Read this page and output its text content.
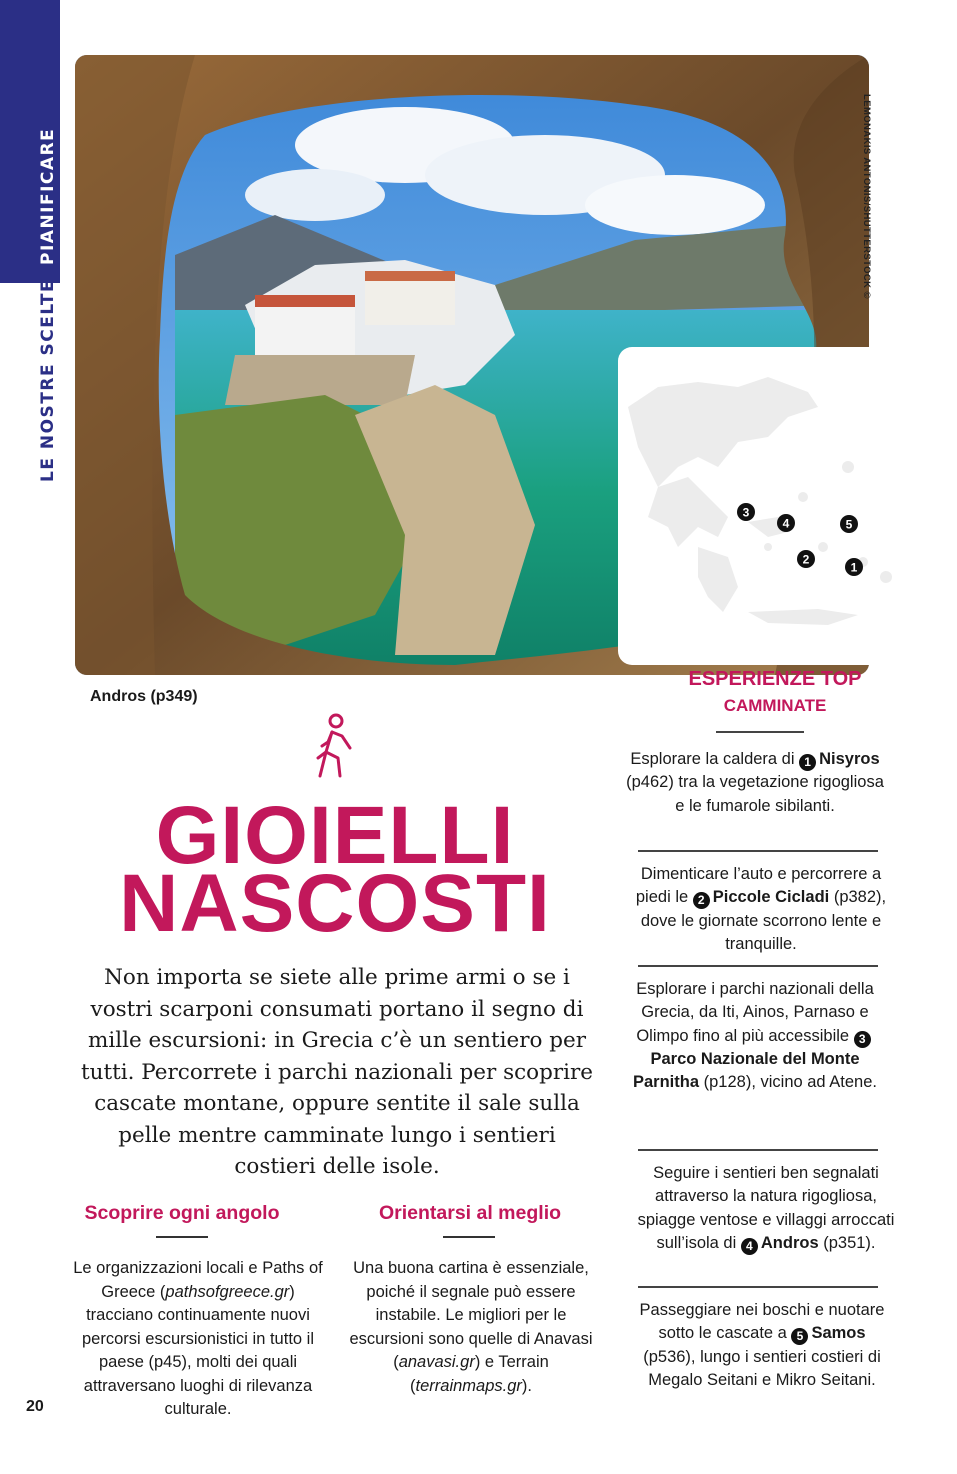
PIANIFICARE
LE NOSTRE SCELTE
LEMONAKIS ANTONIS/SHUTTERSTOCK ©
1
2
3
4	5
Andros (p349)
GIOIELLI
NASCOSTI
Non importa se siete alle prime armi o se i vostri scarponi consumati portano il segno di mille escursioni: in Grecia c’è un sentiero per tutti. Percorrete i parchi nazionali per scoprire cascate montane, oppure sentite il sale sulla pelle mentre camminate lungo i sentieri costieri delle isole.
Scoprire ogni angolo
Le organizzazioni locali e Paths of Greece (pathsofgreece.gr) tracciano continuamente nuovi percorsi escursionistici in tutto il paese (p45), molti dei quali attraversano luoghi di rilevanza culturale.
Orientarsi al meglio
Una buona cartina è essenziale, poiché il segnale può essere instabile. Le migliori per le escursioni sono quelle di Anavasi (anavasi.gr) e Terrain (terrainmaps.gr).
20
ESPERIENZE TOP
CAMMINATE
Esplorare la caldera di 1 Nisyros (p462) tra la vegetazione rigogliosa e le fumarole sibilanti.
Dimenticare l’auto e percorrere a piedi le 2 Piccole Cicladi (p382), dove le giornate scorrono lente e tranquille.
Esplorare i parchi nazionali della Grecia, da Iti, Ainos, Parnaso e Olimpo fino al più accessibile 3Parco Nazionale del Monte Parnitha (p128), vicino ad Atene.
Seguire i sentieri ben segnalati attraverso la natura rigogliosa, spiagge ventose e villaggi arroccati sull’isola di 4 Andros (p351).
Passeggiare nei boschi e nuotare sotto le cascate a 5 Samos (p536), lungo i sentieri costieri di Megalo Seitani e Mikro Seitani.
